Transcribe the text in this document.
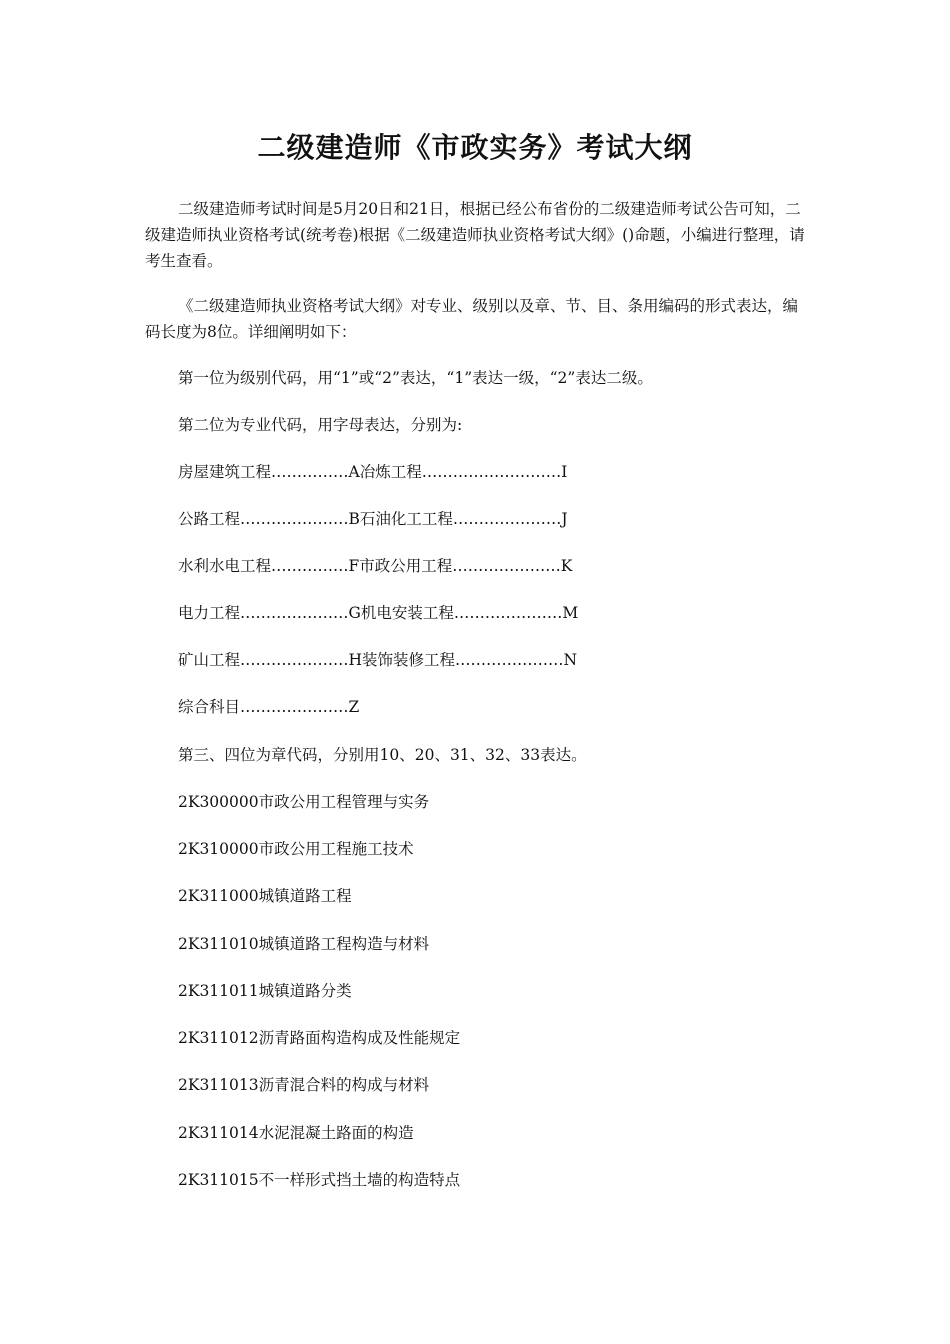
二级建造师《市政实务》考试大纲

二级建造师考试时间是5月20日和21日，根据已经公布省份的二级建造师考试公告可知，二级建造师执业资格考试(统考卷)根据《二级建造师执业资格考试大纲》()命题，小编进行整理，请考生查看。

《二级建造师执业资格考试大纲》对专业、级别以及章、节、目、条用编码的形式表达，编码长度为8位。详细阐明如下：

第一位为级别代码，用“1”或“2”表达，“1”表达一级，“2”表达二级。

第二位为专业代码，用字母表达，分别为:

房屋建筑工程……………A冶炼工程………………………I

公路工程…………………B石油化工工程…………………J

水利水电工程……………F市政公用工程…………………K

电力工程…………………G机电安装工程…………………M

矿山工程…………………H装饰装修工程…………………N

综合科目…………………Z

第三、四位为章代码，分别用10、20、31、32、33表达。

2K300000市政公用工程管理与实务

2K310000市政公用工程施工技术

2K311000城镇道路工程

2K311010城镇道路工程构造与材料

2K311011城镇道路分类

2K311012沥青路面构造构成及性能规定

2K311013沥青混合料的构成与材料

2K311014水泥混凝土路面的构造

2K311015不一样形式挡土墙的构造特点
